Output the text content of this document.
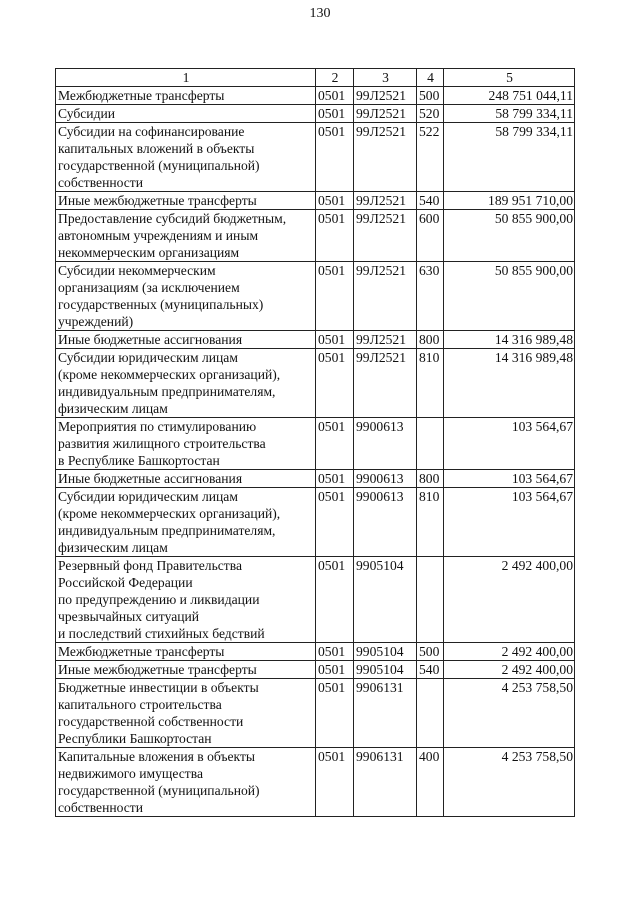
130
1	2	3	4	5

Межбюджетные трансферты	0501	99Л2521	500	248 751 044,11

Субсидии	0501	99Л2521	520	58 799 334,11

Субсидии на софинансирование
капитальных вложений в объекты
государственной (муниципальной)
собственности	0501	99Л2521	522	58 799 334,11

Иные межбюджетные трансферты	0501	99Л2521	540	189 951 710,00

Предоставление субсидий бюджетным,
автономным учреждениям и иным
некоммерческим организациям	0501	99Л2521	600	50 855 900,00

Субсидии некоммерческим
организациям (за исключением
государственных (муниципальных)
учреждений)	0501	99Л2521	630	50 855 900,00

Иные бюджетные ассигнования	0501	99Л2521	800	14 316 989,48

Субсидии юридическим лицам
(кроме некоммерческих организаций),
индивидуальным предпринимателям,
физическим лицам	0501	99Л2521	810	14 316 989,48

Мероприятия по стимулированию
развития жилищного строительства
в Республике Башкортостан	0501	9900613		103 564,67

Иные бюджетные ассигнования	0501	9900613	800	103 564,67

Субсидии юридическим лицам
(кроме некоммерческих организаций),
индивидуальным предпринимателям,
физическим лицам	0501	9900613	810	103 564,67

Резервный фонд Правительства
Российской Федерации
по предупреждению и ликвидации
чрезвычайных ситуаций
и последствий стихийных бедствий	0501	9905104		2 492 400,00

Межбюджетные трансферты	0501	9905104	500	2 492 400,00

Иные межбюджетные трансферты	0501	9905104	540	2 492 400,00

Бюджетные инвестиции в объекты
капитального строительства
государственной собственности
Республики Башкортостан	0501	9906131		4 253 758,50

Капитальные вложения в объекты
недвижимого имущества
государственной (муниципальной)
собственности	0501	9906131	400	4 253 758,50
